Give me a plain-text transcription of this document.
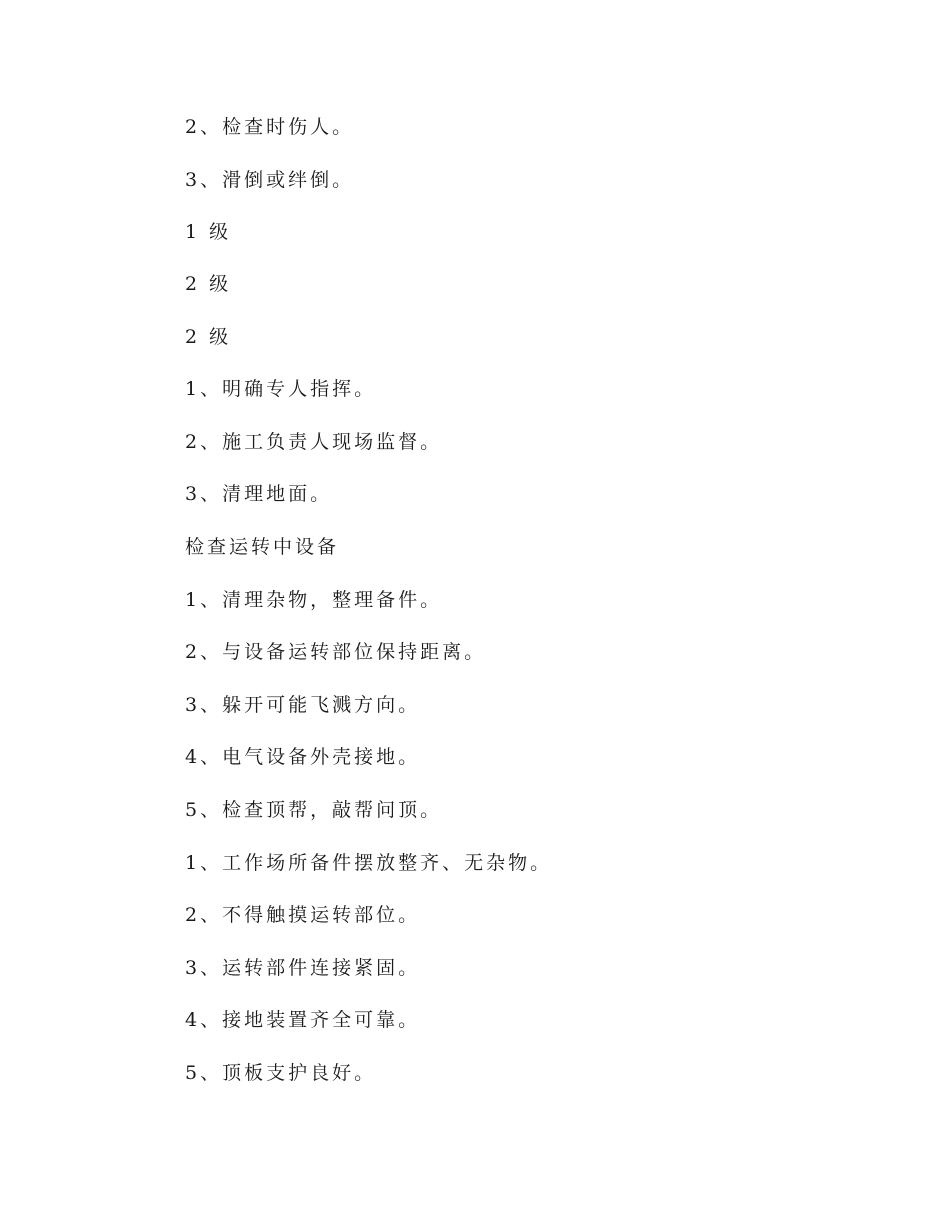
2、检查时伤人。
3、滑倒或绊倒。
1 级
2 级
2 级
1、明确专人指挥。
2、施工负责人现场监督。
3、清理地面。
检查运转中设备
1、清理杂物，整理备件。
2、与设备运转部位保持距离。
3、躲开可能飞溅方向。
4、电气设备外壳接地。
5、检查顶帮，敲帮问顶。
1、工作场所备件摆放整齐、无杂物。
2、不得触摸运转部位。
3、运转部件连接紧固。
4、接地装置齐全可靠。
5、顶板支护良好。
